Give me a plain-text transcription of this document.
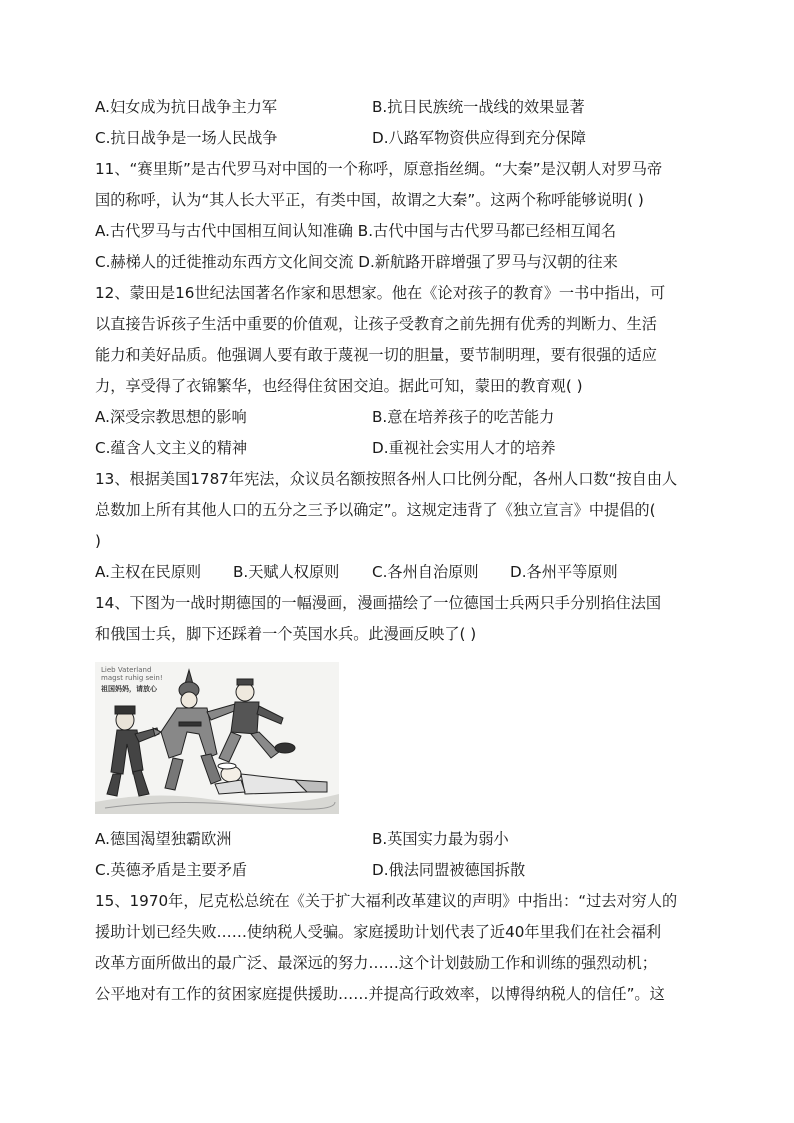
A.妇女成为抗日战争主力军	B.抗日民族统一战线的效果显著
C.抗日战争是一场人民战争	D.八路军物资供应得到充分保障
11、“赛里斯”是古代罗马对中国的一个称呼，原意指丝绸。“大秦”是汉朝人对罗马帝
国的称呼，认为“其人长大平正，有类中国，故谓之大秦”。这两个称呼能够说明( )
A.古代罗马与古代中国相互间认知准确 B.古代中国与古代罗马都已经相互闻名
C.赫梯人的迁徙推动东西方文化间交流 D.新航路开辟增强了罗马与汉朝的往来
12、蒙田是16世纪法国著名作家和思想家。他在《论对孩子的教育》一书中指出，可
以直接告诉孩子生活中重要的价值观，让孩子受教育之前先拥有优秀的判断力、生活
能力和美好品质。他强调人要有敢于蔑视一切的胆量，要节制明理，要有很强的适应
力，享受得了衣锦繁华，也经得住贫困交迫。据此可知，蒙田的教育观( )
A.深受宗教思想的影响	B.意在培养孩子的吃苦能力
C.蕴含人文主义的精神	D.重视社会实用人才的培养
13、根据美国1787年宪法，众议员名额按照各州人口比例分配，各州人口数“按自由人
总数加上所有其他人口的五分之三予以确定”。这规定违背了《独立宣言》中提倡的(
)
A.主权在民原则 B.天赋人权原则 C.各州自治原则 D.各州平等原则
14、下图为一战时期德国的一幅漫画，漫画描绘了一位德国士兵两只手分别掐住法国
和俄国士兵，脚下还踩着一个英国水兵。此漫画反映了( )
Lieb Vaterland
magst ruhig sein!
祖国妈妈，请放心
A.德国渴望独霸欧洲	B.英国实力最为弱小
C.英德矛盾是主要矛盾	D.俄法同盟被德国拆散
15、1970年，尼克松总统在《关于扩大福利改革建议的声明》中指出：“过去对穷人的
援助计划已经失败……使纳税人受骗。家庭援助计划代表了近40年里我们在社会福利
改革方面所做出的最广泛、最深远的努力……这个计划鼓励工作和训练的强烈动机；
公平地对有工作的贫困家庭提供援助……并提高行政效率，以博得纳税人的信任”。这
